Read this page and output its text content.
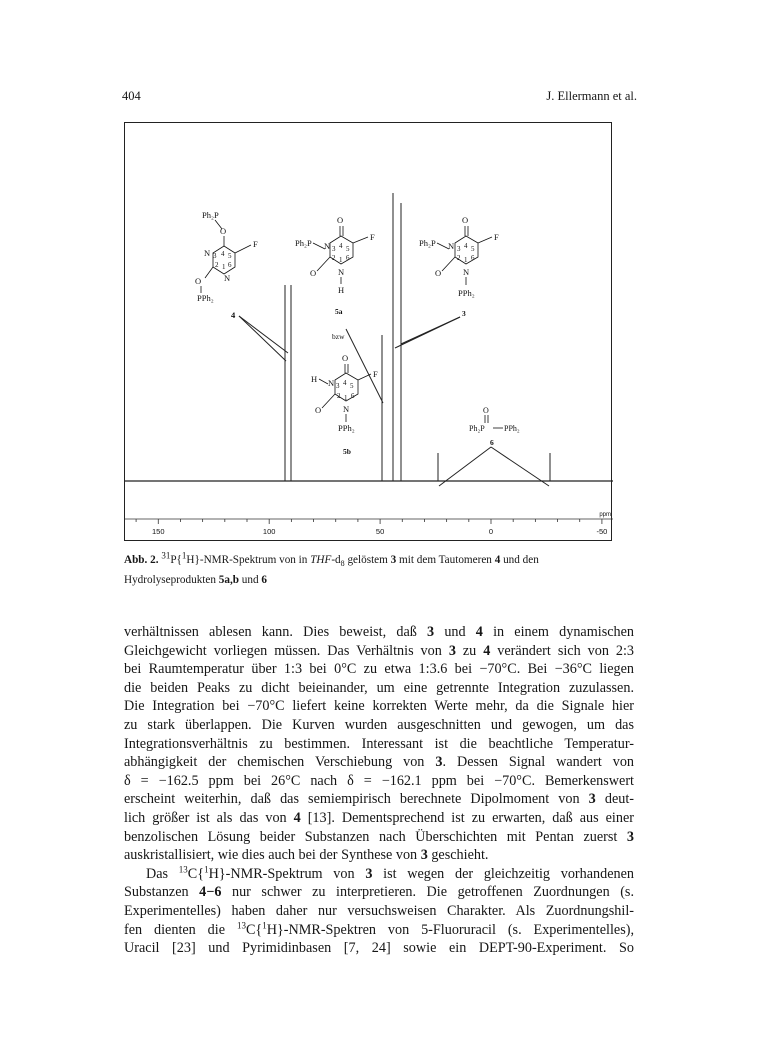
404	J. Ellermann et al.
ppm
150	100	50	0	-50
Ph₂P
O
N 3 4 5
2 1 6
N
F
O
PPh₂
4
O
Ph₂P N 3 4 5
2 1 6
F
O	N
H
5a
bzw
O
Ph₂P N 3 4 5
2 1 6
F
O	N
PPh₂
3
O
H N 3 4 5
2 1 6
F
O	N
PPh₂
5b
O
Ph₂P PPh₂
6
Abb. 2. $^{31}$P{$^1$H}-NMR-Spektrum von in THF-$d_8$ gelöstem 3 mit dem Tautomeren 4 und den Hydrolyseprodukten 5a,b und 6

verhältnissen ablesen kann. Dies beweist, daß 3 und 4 in einem dynamischen
Gleichgewicht vorliegen müssen. Das Verhältnis von 3 zu 4 verändert sich von 2:3
bei Raumtemperatur über 1:3 bei 0°C zu etwa 1:3.6 bei −70°C. Bei −36°C liegen
die beiden Peaks zu dicht beieinander, um eine getrennte Integration zuzulassen.
Die Integration bei −70°C liefert keine korrekten Werte mehr, da die Signale hier
zu stark überlappen. Die Kurven wurden ausgeschnitten und gewogen, um das
Integrationsverhältnis zu bestimmen. Interessant ist die beachtliche Temperatur-
abhängigkeit der chemischen Verschiebung von 3. Dessen Signal wandert von
δ = −162.5 ppm bei 26°C nach δ = −162.1 ppm bei −70°C. Bemerkenswert
erscheint weiterhin, daß das semiempirisch berechnete Dipolmoment von 3 deut-
lich größer ist als das von 4 [13]. Dementsprechend ist zu erwarten, daß aus einer
benzolischen Lösung beider Substanzen nach Überschichten mit Pentan zuerst 3
auskristallisiert, wie dies auch bei der Synthese von 3 geschieht.

Das $^{13}$C{$^1$H}-NMR-Spektrum von 3 ist wegen der gleichzeitig vorhandenen
Substanzen 4−6 nur schwer zu interpretieren. Die getroffenen Zuordnungen (s.
Experimentelles) haben daher nur versuchsweisen Charakter. Als Zuordnungshil-
fen dienten die $^{13}$C{$^1$H}-NMR-Spektren von 5-Fluoruracil (s. Experimentelles),
Uracil [23] und Pyrimidinbasen [7, 24] sowie ein DEPT-90-Experiment. So
